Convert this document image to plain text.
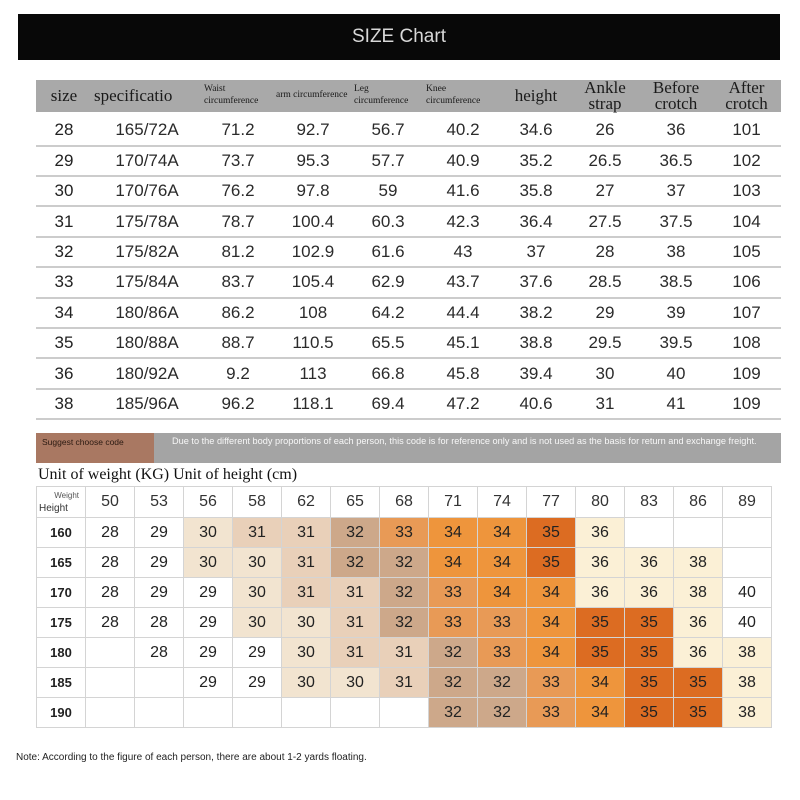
SIZE Chart
size	specificatio	Waist circumference	arm circumference	Leg circumference	Knee circumference	height	Ankle strap	Before crotch	After crotch
28	165/72A	71.2	92.7	56.7	40.2	34.6	26	36	101
29	170/74A	73.7	95.3	57.7	40.9	35.2	26.5	36.5	102
30	170/76A	76.2	97.8	59	41.6	35.8	27	37	103
31	175/78A	78.7	100.4	60.3	42.3	36.4	27.5	37.5	104
32	175/82A	81.2	102.9	61.6	43	37	28	38	105
33	175/84A	83.7	105.4	62.9	43.7	37.6	28.5	38.5	106
34	180/86A	86.2	108	64.2	44.4	38.2	29	39	107
35	180/88A	88.7	110.5	65.5	45.1	38.8	29.5	39.5	108
36	180/92A	9.2	113	66.8	45.8	39.4	30	40	109
38	185/96A	96.2	118.1	69.4	47.2	40.6	31	41	109
Suggest choose code	Due to the different body proportions of each person, this code is for reference only and is not used as the basis for return and exchange freight.
Unit of weight (KG) Unit of height (cm)
Weight
Height	50	53	56	58	62	65	68	71	74	77	80	83	86	89
160	28	29	30	31	31	32	33	34	34	35	36			
165	28	29	30	30	31	32	32	34	34	35	36	36	38	
170	28	29	29	30	31	31	32	33	34	34	36	36	38	40
175	28	28	29	30	30	31	32	33	33	34	35	35	36	40
180		28	29	29	30	31	31	32	33	34	35	35	36	38
185			29	29	30	30	31	32	32	33	34	35	35	38
190								32	32	33	34	35	35	38
Note: According to the figure of each person, there are about 1-2 yards floating.
